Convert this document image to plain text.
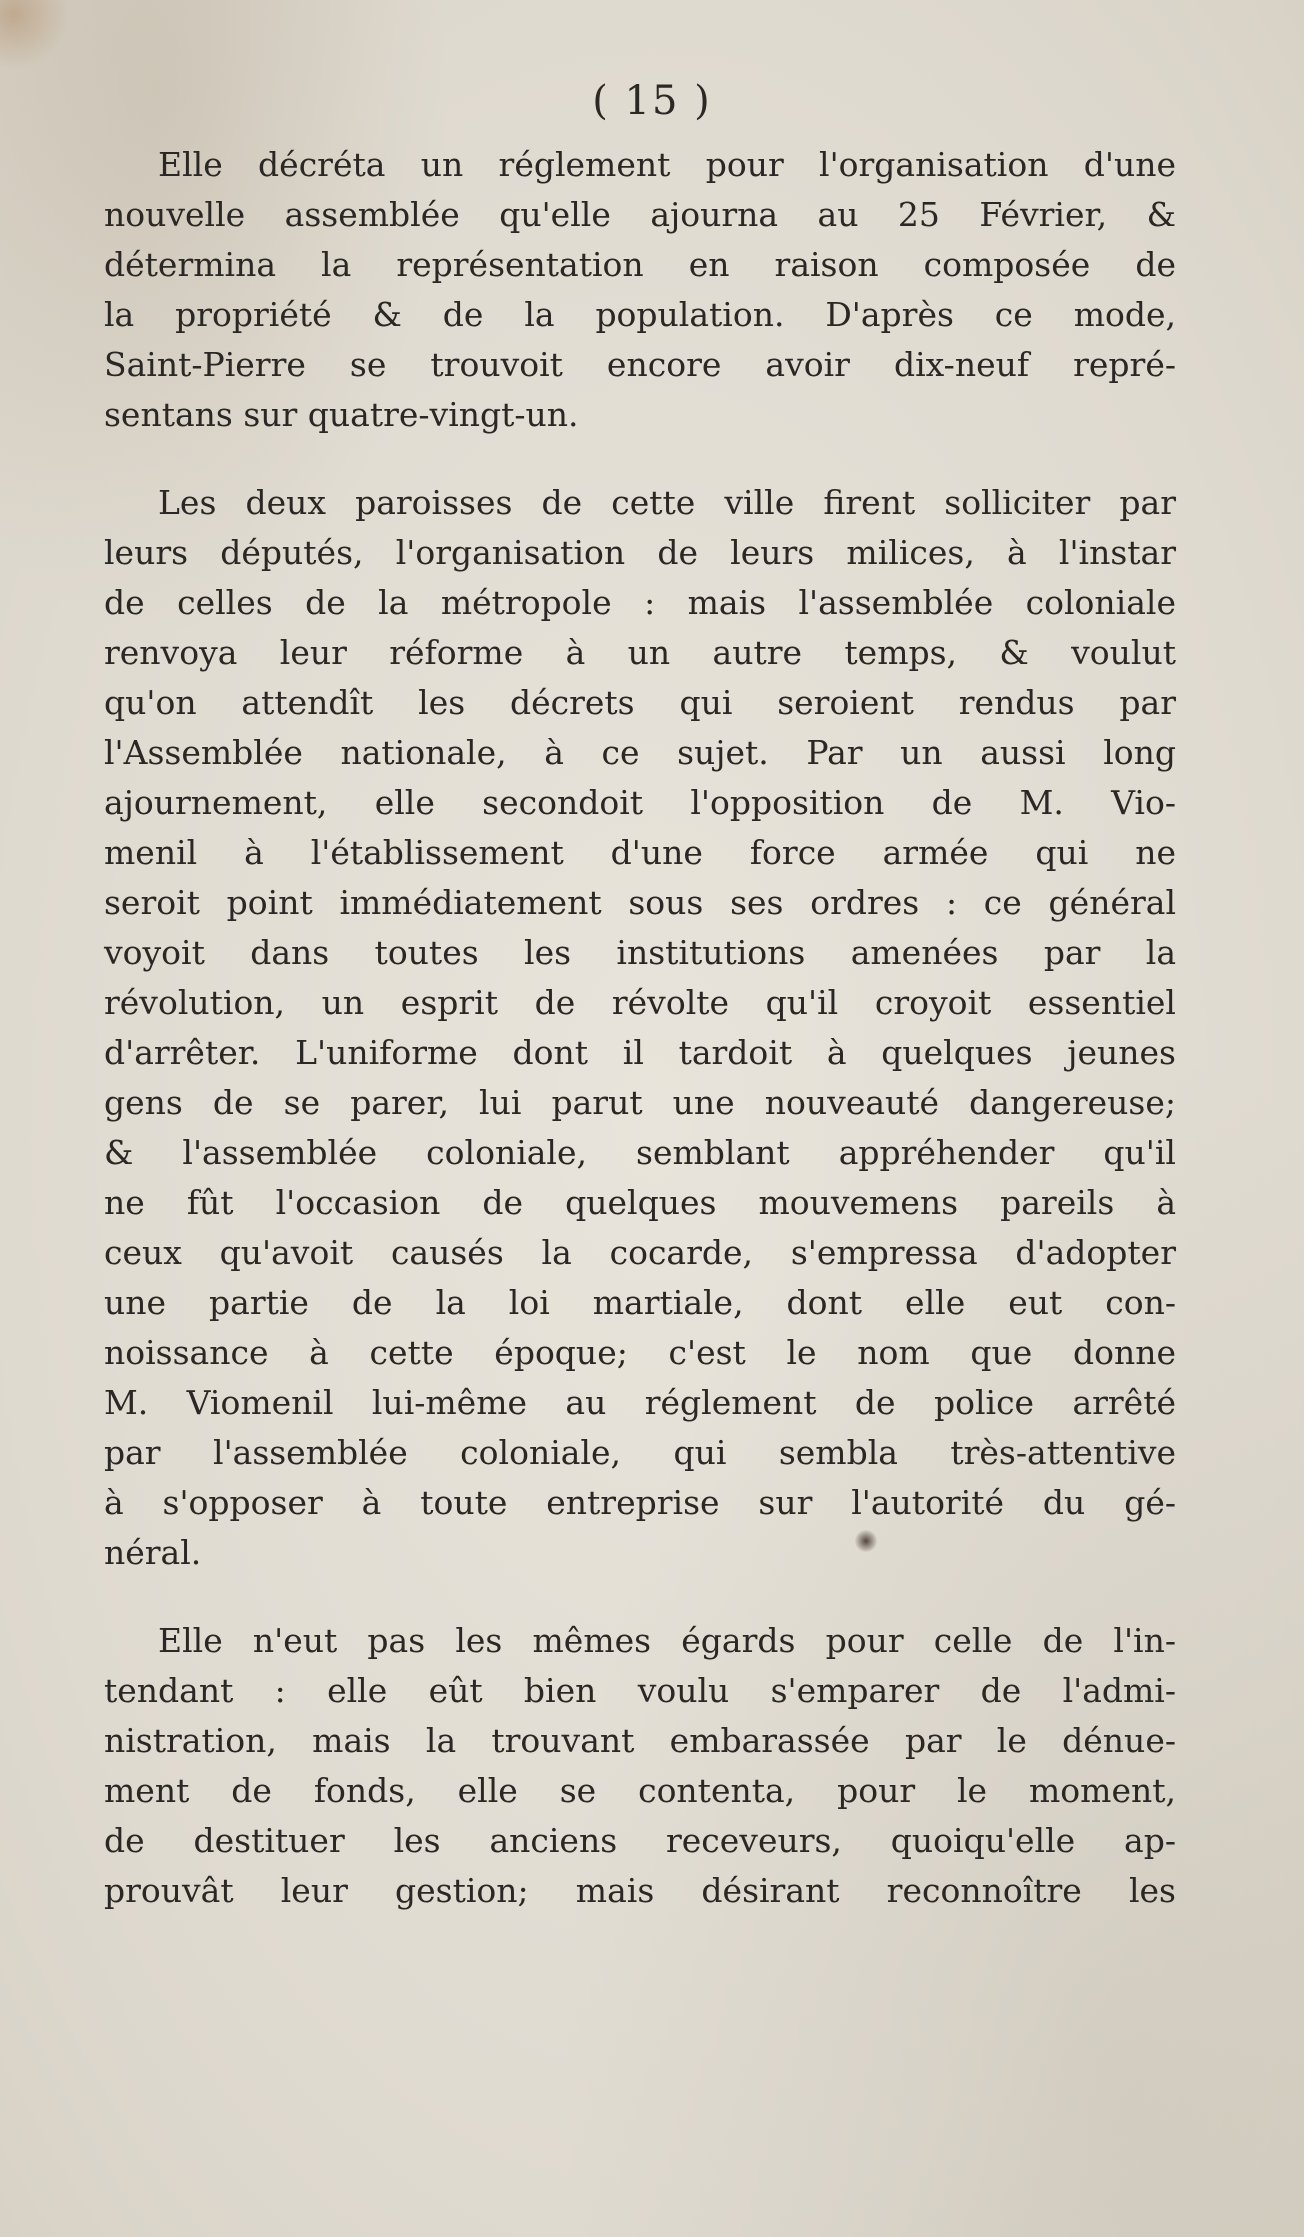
( 15 )
Elle décréta un réglement pour l'organisation d'une
nouvelle assemblée qu'elle ajourna au 25 Février, &
détermina la représentation en raison composée de
la propriété & de la population. D'après ce mode,
Saint-Pierre se trouvoit encore avoir dix-neuf repré-
sentans sur quatre-vingt-un.
Les deux paroisses de cette ville firent solliciter par
leurs députés, l'organisation de leurs milices, à l'instar
de celles de la métropole : mais l'assemblée coloniale
renvoya leur réforme à un autre temps, & voulut
qu'on attendît les décrets qui seroient rendus par
l'Assemblée nationale, à ce sujet. Par un aussi long
ajournement, elle secondoit l'opposition de M. Vio-
menil à l'établissement d'une force armée qui ne
seroit point immédiatement sous ses ordres : ce général
voyoit dans toutes les institutions amenées par la
révolution, un esprit de révolte qu'il croyoit essentiel
d'arrêter. L'uniforme dont il tardoit à quelques jeunes
gens de se parer, lui parut une nouveauté dangereuse;
& l'assemblée coloniale, semblant appréhender qu'il
ne fût l'occasion de quelques mouvemens pareils à
ceux qu'avoit causés la cocarde, s'empressa d'adopter
une partie de la loi martiale, dont elle eut con-
noissance à cette époque; c'est le nom que donne
M. Viomenil lui-même au réglement de police arrêté
par l'assemblée coloniale, qui sembla très-attentive
à s'opposer à toute entreprise sur l'autorité du gé-
néral.
Elle n'eut pas les mêmes égards pour celle de l'in-
tendant : elle eût bien voulu s'emparer de l'admi-
nistration, mais la trouvant embarassée par le dénue-
ment de fonds, elle se contenta, pour le moment,
de destituer les anciens receveurs, quoiqu'elle ap-
prouvât leur gestion; mais désirant reconnoître les
